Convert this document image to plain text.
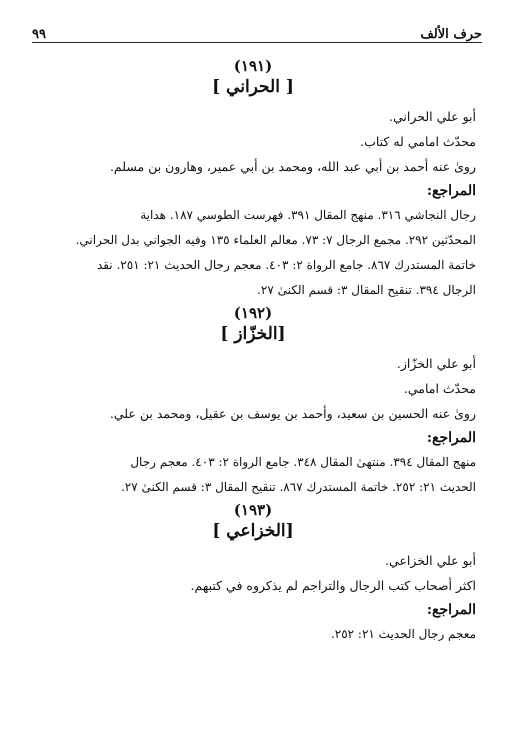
حرف الألف
۹۹
(١٩١)
[ الحراني ]
أبو علي الحراني.
محدّث امامي له كتاب.
رویٰ عنه أحمد بن أبي عبد الله، ومحمد بن أبي عمير، وهارون بن مسلم.
المراجع:
رجال النجاشي ٣١٦. منهج المقال ٣٩١. فهرست الطوسي ١٨٧. هداية
المحدّثين ٢٩٢. مجمع الرجال ٧: ٧٣. معالم العلماء ١٣٥ وفيه الجواني بدل الحراني.
خاتمة المستدرك ٨٦٧. جامع الرواة ٢: ٤٠٣. معجم رجال الحديث ٢١: ٢٥١. نقد
الرجال ٣٩٤. تنقيح المقال ٣: قسم الكنىٰ ٢٧.
(١٩٢)
[الخزّاز ]
أبو علي الخزّاز.
محدّث امامي.
رویٰ عنه الحسين بن سعيد، وأحمد بن يوسف بن عقيل، ومحمد بن علي.
المراجع:
منهج المقال ٣٩٤. منتهیٰ المقال ٣٤٨. جامع الرواة ٢: ٤٠٣. معجم رجال
الحديث ٢١: ٢٥٢. خاتمة المستدرك ٨٦٧. تنقيح المقال ٣: قسم الكنىٰ ٢٧.
(١٩٣)
[الخزاعي ]
أبو علي الخزاعي.
اكثر أصحاب كتب الرجال والتراجم لم يذكروه في كتبهم.
المراجع:
معجم رجال الحديث ٢١: ٢٥٢.
